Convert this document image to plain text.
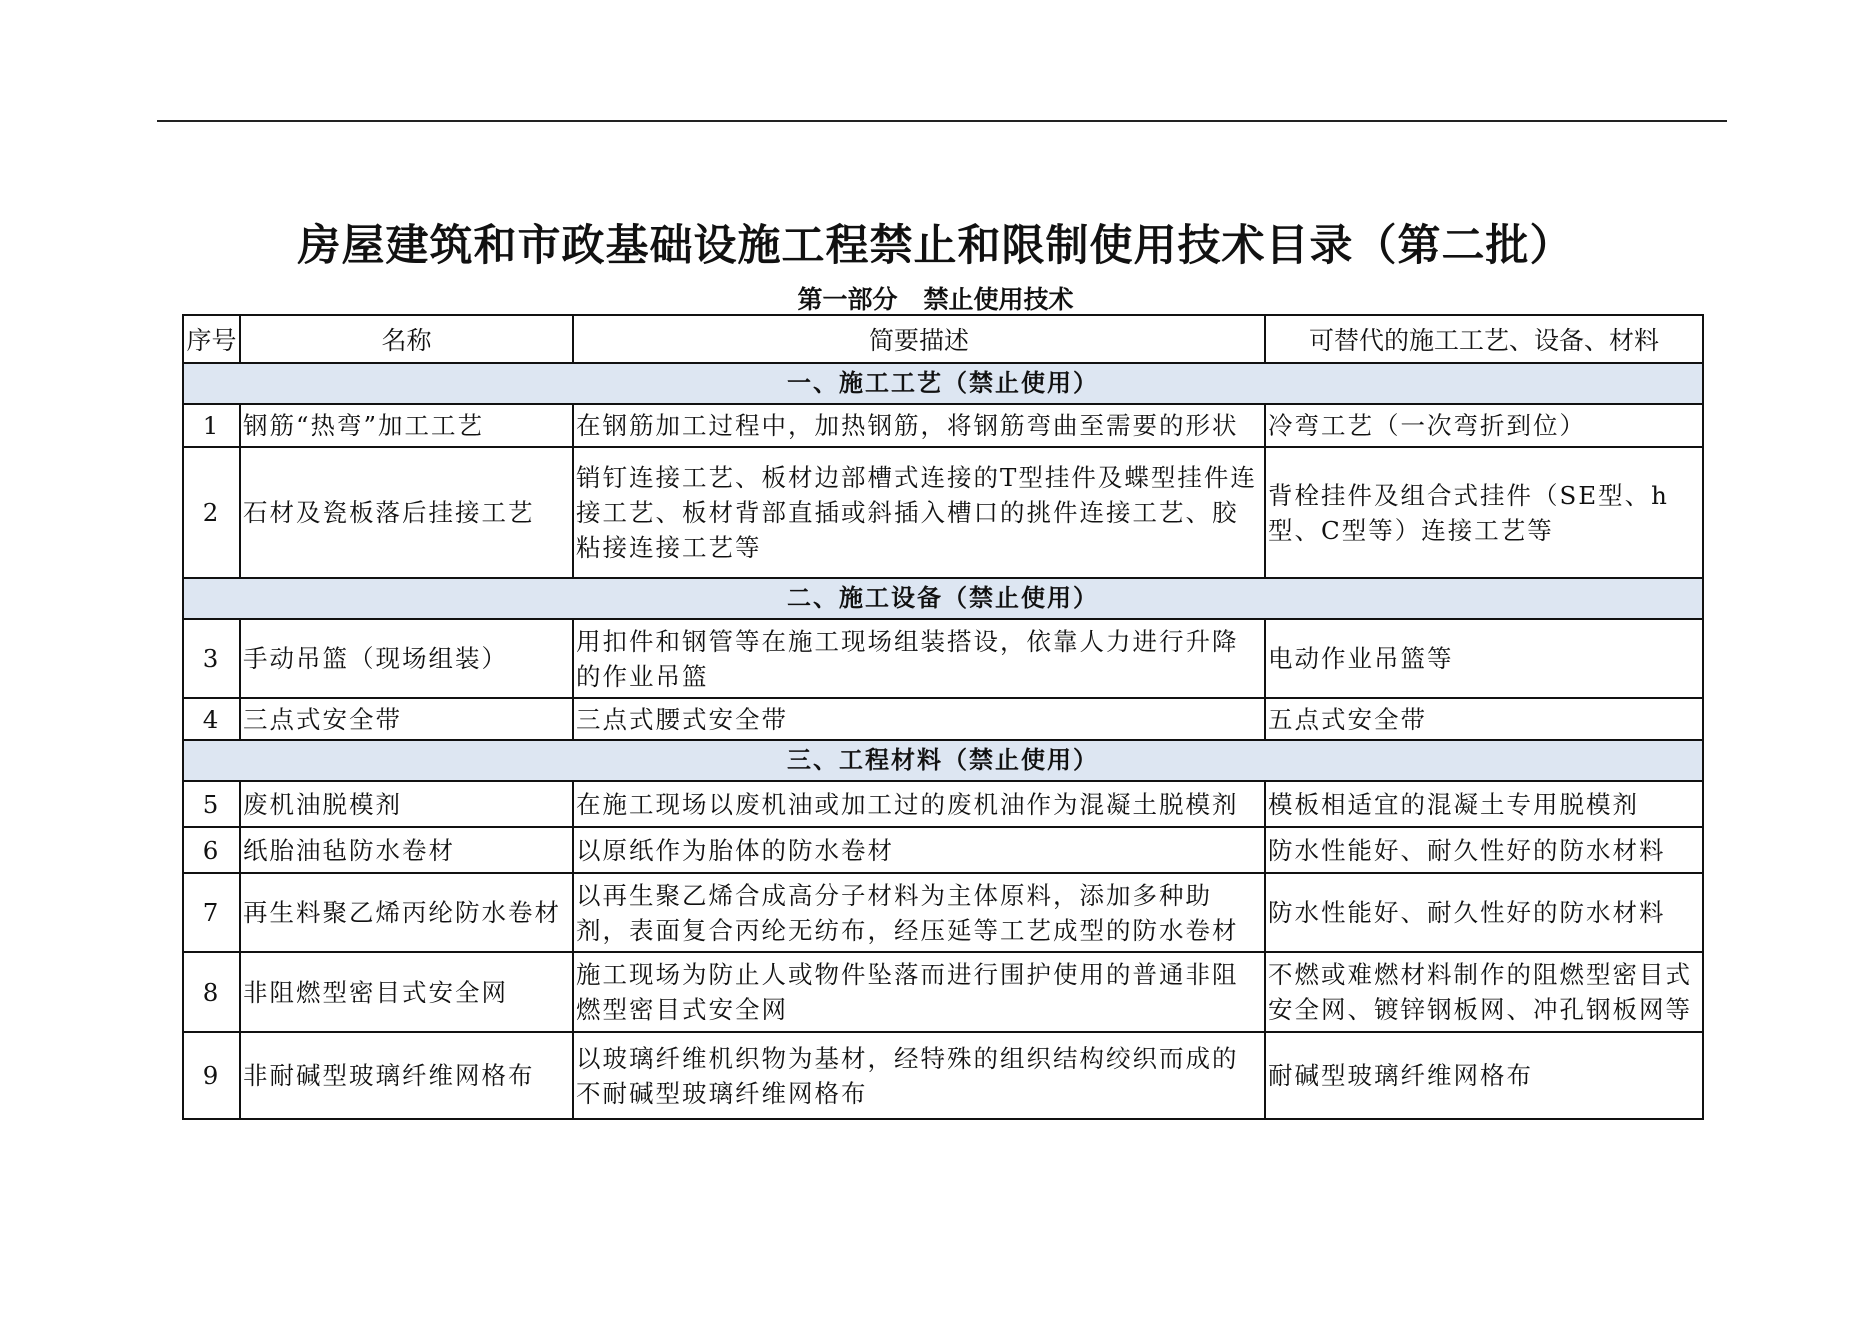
房屋建筑和市政基础设施工程禁止和限制使用技术目录（第二批）
第一部分   禁止使用技术
序号	名称	简要描述	可替代的施工工艺、设备、材料
一、施工工艺（禁止使用）			
1	钢筋“热弯”加工工艺	在钢筋加工过程中，加热钢筋，将钢筋弯曲至需要的形状	冷弯工艺（一次弯折到位）
2	石材及瓷板落后挂接工艺	销钉连接工艺、板材边部槽式连接的T型挂件及蝶型挂件连接工艺、板材背部直插或斜插入槽口的挑件连接工艺、胶粘接连接工艺等	背栓挂件及组合式挂件（SE型、h型、C型等）连接工艺等
二、施工设备（禁止使用）			
3	手动吊篮（现场组装）	用扣件和钢管等在施工现场组装搭设，依靠人力进行升降的作业吊篮	电动作业吊篮等
4	三点式安全带	三点式腰式安全带	五点式安全带
三、工程材料（禁止使用）			
5	废机油脱模剂	在施工现场以废机油或加工过的废机油作为混凝土脱模剂	模板相适宜的混凝土专用脱模剂
6	纸胎油毡防水卷材	以原纸作为胎体的防水卷材	防水性能好、耐久性好的防水材料
7	再生料聚乙烯丙纶防水卷材	以再生聚乙烯合成高分子材料为主体原料，添加多种助剂，表面复合丙纶无纺布，经压延等工艺成型的防水卷材	防水性能好、耐久性好的防水材料
8	非阻燃型密目式安全网	施工现场为防止人或物件坠落而进行围护使用的普通非阻燃型密目式安全网	不燃或难燃材料制作的阻燃型密目式安全网、镀锌钢板网、冲孔钢板网等
9	非耐碱型玻璃纤维网格布	以玻璃纤维机织物为基材，经特殊的组织结构绞织而成的不耐碱型玻璃纤维网格布	耐碱型玻璃纤维网格布
